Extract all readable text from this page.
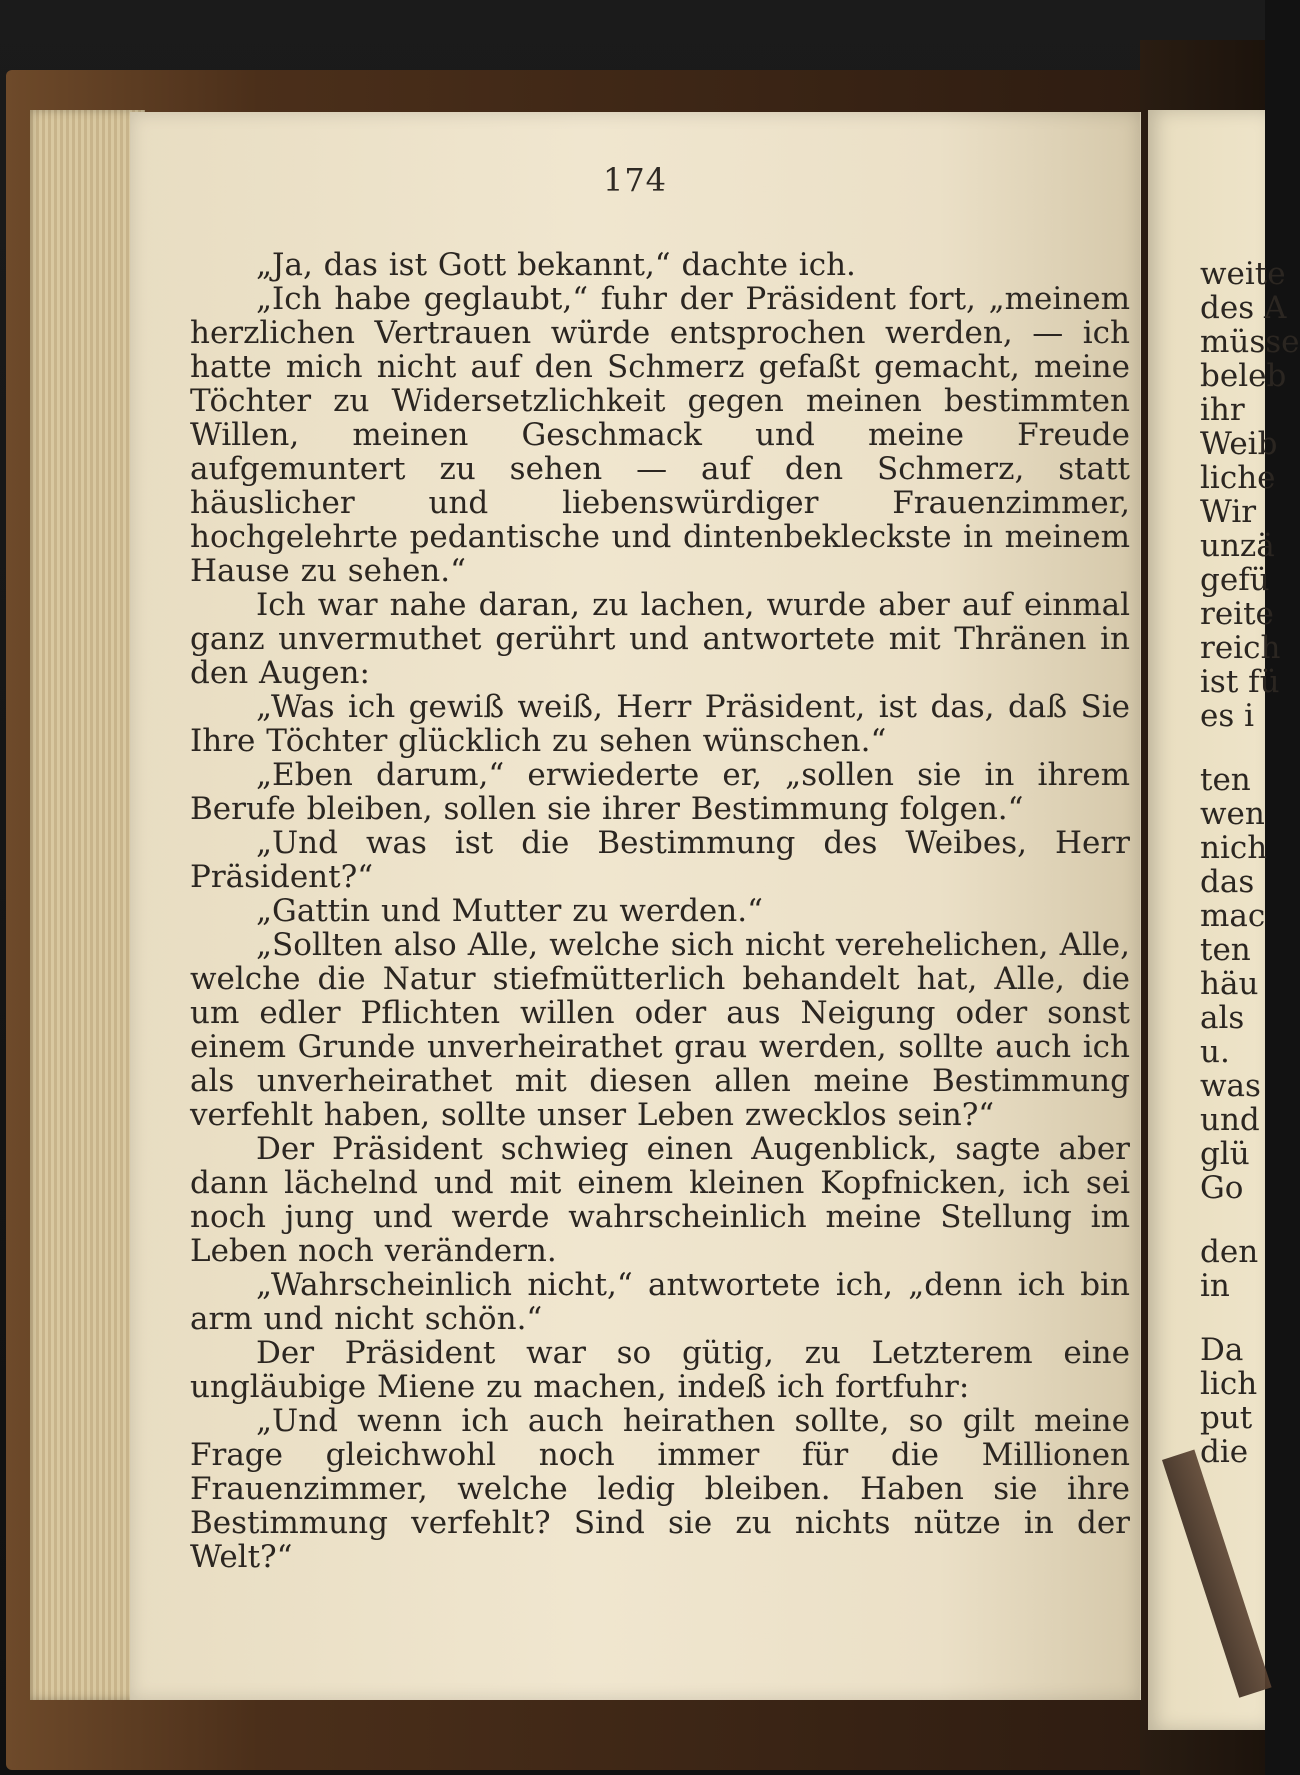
174

„Ja, das ist Gott bekannt,“ dachte ich.

„Ich habe geglaubt,“ fuhr der Präsident fort, „meinem herzlichen Vertrauen würde entsprochen werden, — ich hatte mich nicht auf den Schmerz gefaßt gemacht, meine Töchter zu Widersetzlichkeit gegen meinen bestimmten Willen, meinen Geschmack und meine Freude aufgemuntert zu sehen — auf den Schmerz, statt häuslicher und liebenswürdiger Frauenzimmer, hochgelehrte pedantische und dintenbekleckste in meinem Hause zu sehen.“

Ich war nahe daran, zu lachen, wurde aber auf einmal ganz unvermuthet gerührt und antwortete mit Thränen in den Augen:

„Was ich gewiß weiß, Herr Präsident, ist das, daß Sie Ihre Töchter glücklich zu sehen wünschen.“

„Eben darum,“ erwiederte er, „sollen sie in ihrem Berufe bleiben, sollen sie ihrer Bestimmung folgen.“

„Und was ist die Bestimmung des Weibes, Herr Präsident?“

„Gattin und Mutter zu werden.“

„Sollten also Alle, welche sich nicht verehelichen, Alle, welche die Natur stiefmütterlich behandelt hat, Alle, die um edler Pflichten willen oder aus Neigung oder sonst einem Grunde unverheirathet grau werden, sollte auch ich als unverheirathet mit diesen allen meine Bestimmung verfehlt haben, sollte unser Leben zwecklos sein?“

Der Präsident schwieg einen Augenblick, sagte aber dann lächelnd und mit einem kleinen Kopfnicken, ich sei noch jung und werde wahrscheinlich meine Stellung im Leben noch verändern.

„Wahrscheinlich nicht,“ antwortete ich, „denn ich bin arm und nicht schön.“

Der Präsident war so gütig, zu Letzterem eine ungläubige Miene zu machen, indeß ich fortfuhr:

„Und wenn ich auch heirathen sollte, so gilt meine Frage gleichwohl noch immer für die Millionen Frauenzimmer, welche ledig bleiben. Haben sie ihre Bestimmung verfehlt? Sind sie zu nichts nütze in der Welt?“

weite
des A
müsse
beleb
ihr
Weib
liche
Wir
unzä
gefü
reite
reich
ist fü
es i
ten
wen
nich
das
mac
ten
häu
als
u.
was
und
glü
Go
den
in
Da
lich
put
die
